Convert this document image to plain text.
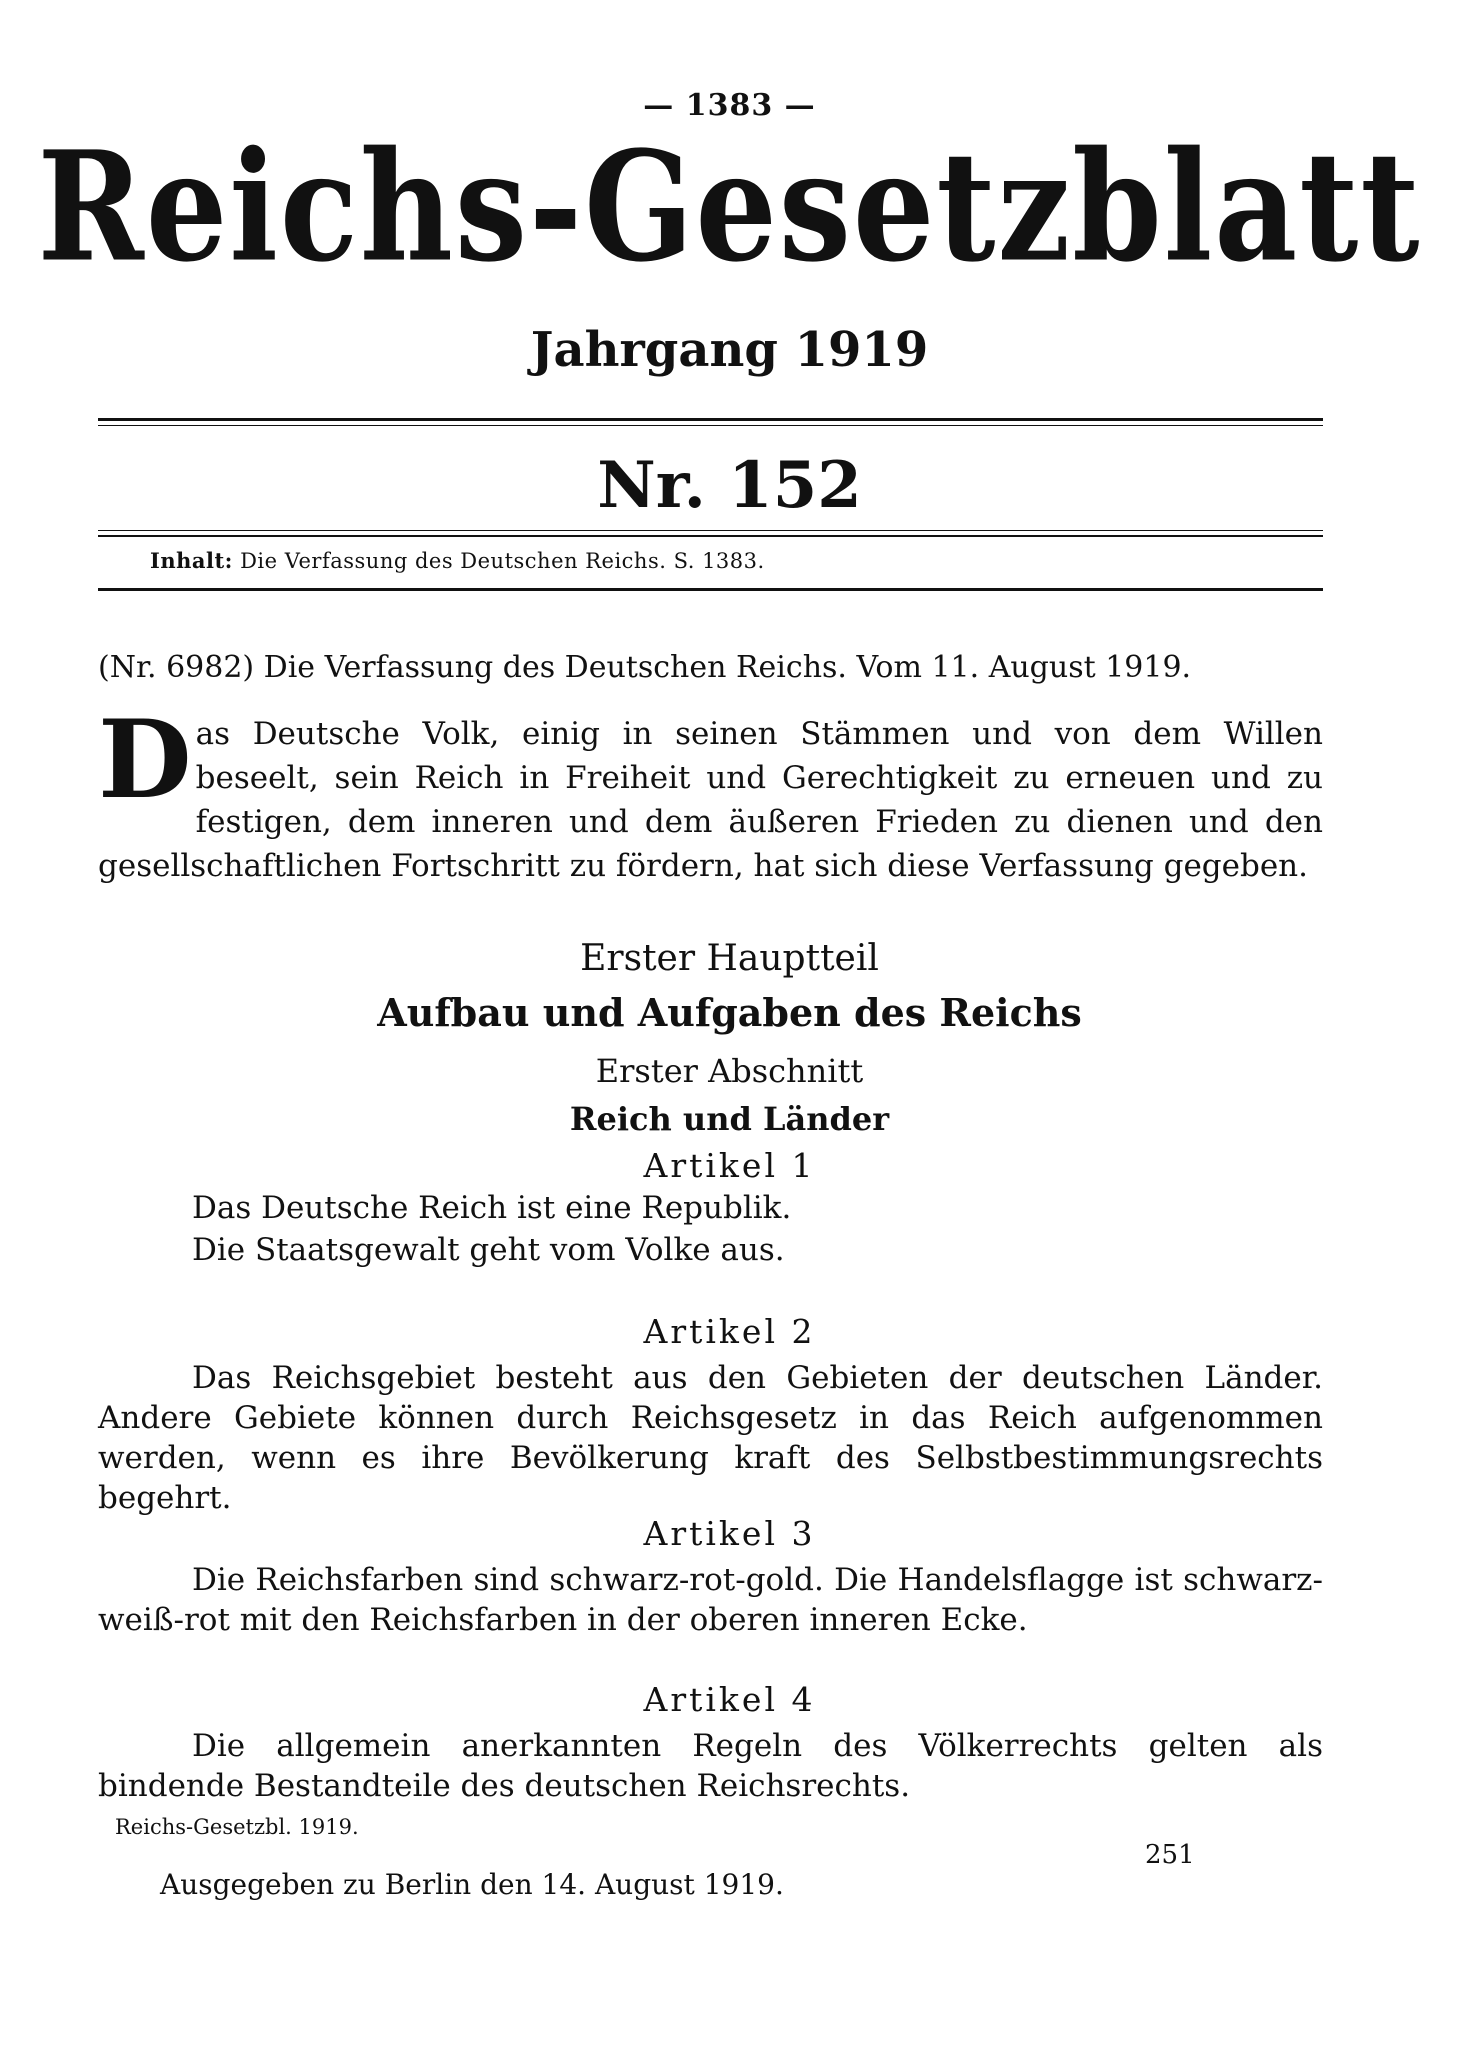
— 1383 —
Reichs-Gesetzblatt
Jahrgang 1919
Nr. 152
Inhalt: Die Verfassung des Deutschen Reichs. S. 1383.
(Nr. 6982) Die Verfassung des Deutschen Reichs. Vom 11. August 1919.
Das Deutsche Volk, einig in seinen Stämmen und von dem Willen beseelt, sein Reich in Freiheit und Gerechtigkeit zu erneuen und zu festigen, dem inneren und dem äußeren Frieden zu dienen und den gesellschaftlichen Fortschritt zu fördern, hat sich diese Verfassung gegeben.
Erster Hauptteil
Aufbau und Aufgaben des Reichs
Erster Abschnitt
Reich und Länder
Artikel 1
Das Deutsche Reich ist eine Republik.
Die Staatsgewalt geht vom Volke aus.
Artikel 2
Das Reichsgebiet besteht aus den Gebieten der deutschen Länder. Andere Gebiete können durch Reichsgesetz in das Reich aufgenommen werden, wenn es ihre Bevölkerung kraft des Selbstbestimmungsrechts begehrt.
Artikel 3
Die Reichsfarben sind schwarz-rot-gold. Die Handelsflagge ist schwarz-weiß-rot mit den Reichsfarben in der oberen inneren Ecke.
Artikel 4
Die allgemein anerkannten Regeln des Völkerrechts gelten als bindende Bestandteile des deutschen Reichsrechts.
Reichs-Gesetzbl. 1919.
251
Ausgegeben zu Berlin den 14. August 1919.
